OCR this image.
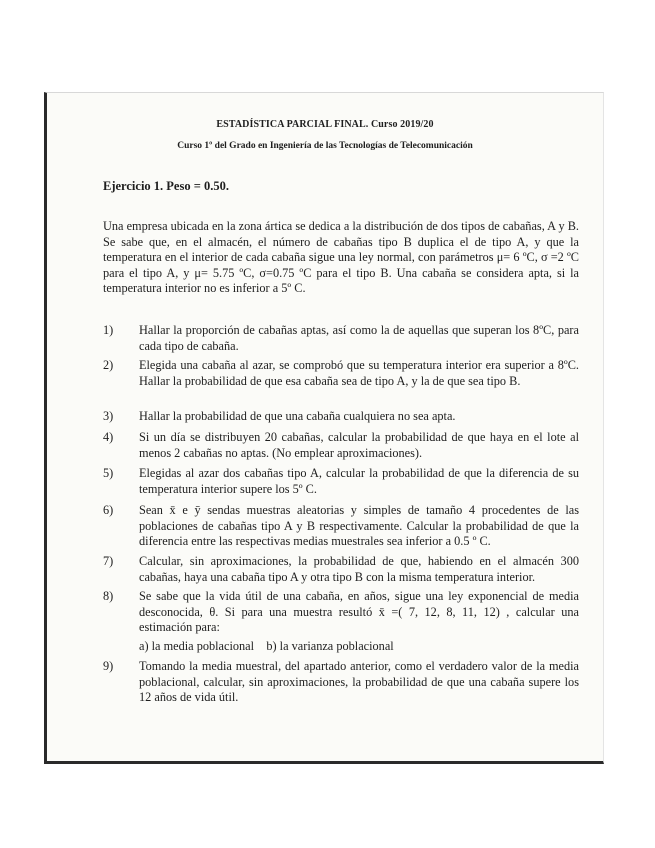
ESTADÍSTICA PARCIAL FINAL. Curso 2019/20
Curso 1º del Grado en Ingeniería de las Tecnologías de Telecomunicación
Ejercicio 1. Peso = 0.50.

Una empresa ubicada en la zona ártica se dedica a la distribución de dos tipos de cabañas, A y B. Se sabe que, en el almacén, el número de cabañas tipo B duplica el de tipo A, y que la temperatura en el interior de cada cabaña sigue una ley normal, con parámetros μ= 6 ºC, σ =2 ºC para el tipo A, y μ= 5.75 ºC, σ=0.75 ºC para el tipo B. Una cabaña se considera apta, si la temperatura interior no es inferior a 5º C.

1) Hallar la proporción de cabañas aptas, así como la de aquellas que superan los 8ºC, para cada tipo de cabaña.

2) Elegida una cabaña al azar, se comprobó que su temperatura interior era superior a 8ºC. Hallar la probabilidad de que esa cabaña sea de tipo A, y la de que sea tipo B.

3) Hallar la probabilidad de que una cabaña cualquiera no sea apta.

4) Si un día se distribuyen 20 cabañas, calcular la probabilidad de que haya en el lote al menos 2 cabañas no aptas. (No emplear aproximaciones).

5) Elegidas al azar dos cabañas tipo A, calcular la probabilidad de que la diferencia de su temperatura interior supere los 5º C.

6) Sean x̄ e ȳ sendas muestras aleatorias y simples de tamaño 4 procedentes de las poblaciones de cabañas tipo A y B respectivamente. Calcular la probabilidad de que la diferencia entre las respectivas medias muestrales sea inferior a 0.5 º C.

7) Calcular, sin aproximaciones, la probabilidad de que, habiendo en el almacén 300 cabañas, haya una cabaña tipo A y otra tipo B con la misma temperatura interior.

8) Se sabe que la vida útil de una cabaña, en años, sigue una ley exponencial de media desconocida, θ. Si para una muestra resultó x̄ =( 7, 12, 8, 11, 12) , calcular una estimación para:

a) la media poblacional    b) la varianza poblacional

9) Tomando la media muestral, del apartado anterior, como el verdadero valor de la media poblacional, calcular, sin aproximaciones, la probabilidad de que una cabaña supere los 12 años de vida útil.
